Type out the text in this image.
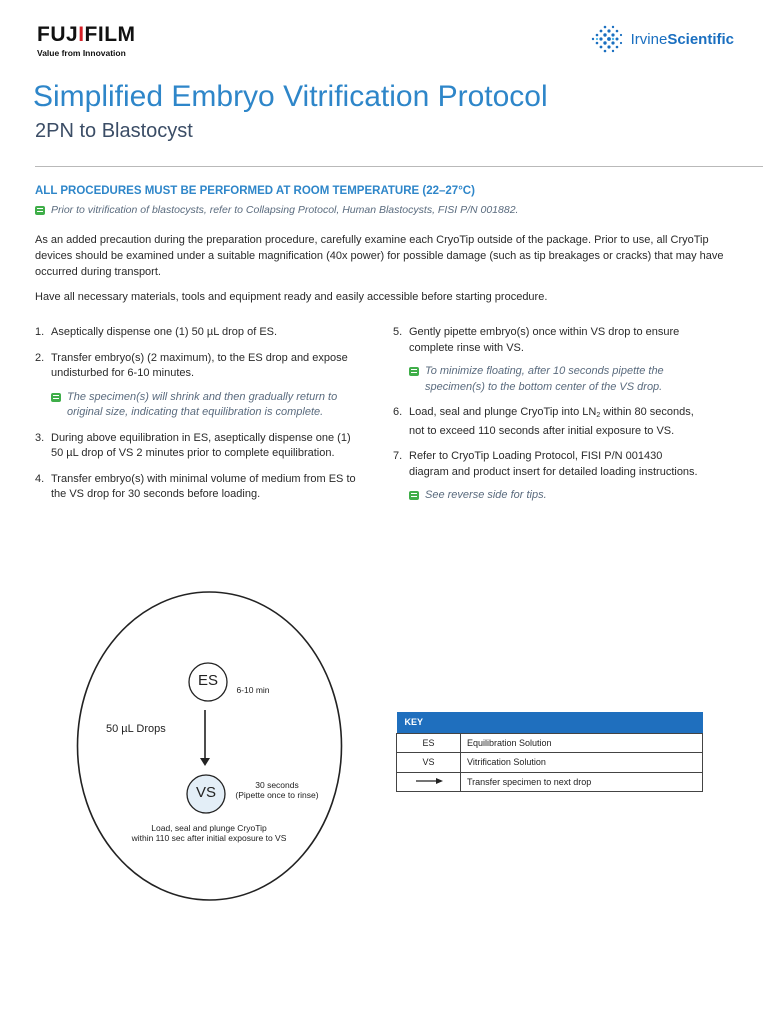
FUJIFILM
Value from Innovation
IrvineScientific
Simplified Embryo Vitrification Protocol
2PN to Blastocyst
ALL PROCEDURES MUST BE PERFORMED AT ROOM TEMPERATURE (22–27°C)
Prior to vitrification of blastocysts, refer to Collapsing Protocol, Human Blastocysts, FISI P/N 001882.

As an added precaution during the preparation procedure, carefully examine each CryoTip outside of the package. Prior to use, all CryoTip devices should be examined under a suitable magnification (40x power) for possible damage (such as tip breakages or cracks) that may have occurred during transport.

Have all necessary materials, tools and equipment ready and easily accessible before starting procedure.

1. Aseptically dispense one (1) 50 µL drop of ES.
2. Transfer embryo(s) (2 maximum), to the ES drop and expose undisturbed for 6-10 minutes.
The specimen(s) will shrink and then gradually return to original size, indicating that equilibration is complete.
3. During above equilibration in ES, aseptically dispense one (1) 50 µL drop of VS 2 minutes prior to complete equilibration.
4. Transfer embryo(s) with minimal volume of medium from ES to the VS drop for 30 seconds before loading.
5. Gently pipette embryo(s) once within VS drop to ensure complete rinse with VS.
To minimize floating, after 10 seconds pipette the specimen(s) to the bottom center of the VS drop.
6. Load, seal and plunge CryoTip into LN2 within 80 seconds, not to exceed 110 seconds after initial exposure to VS.
7. Refer to CryoTip Loading Protocol, FISI P/N 001430 diagram and product insert for detailed loading instructions.
See reverse side for tips.
ES
6-10 min
50 µL Drops
VS	30 seconds
(Pipette once to rinse)
Load, seal and plunge CryoTip
within 110 sec after initial exposure to VS
KEY	
ES	Equilibration Solution
VS	Vitrification Solution
	Transfer specimen to next drop
